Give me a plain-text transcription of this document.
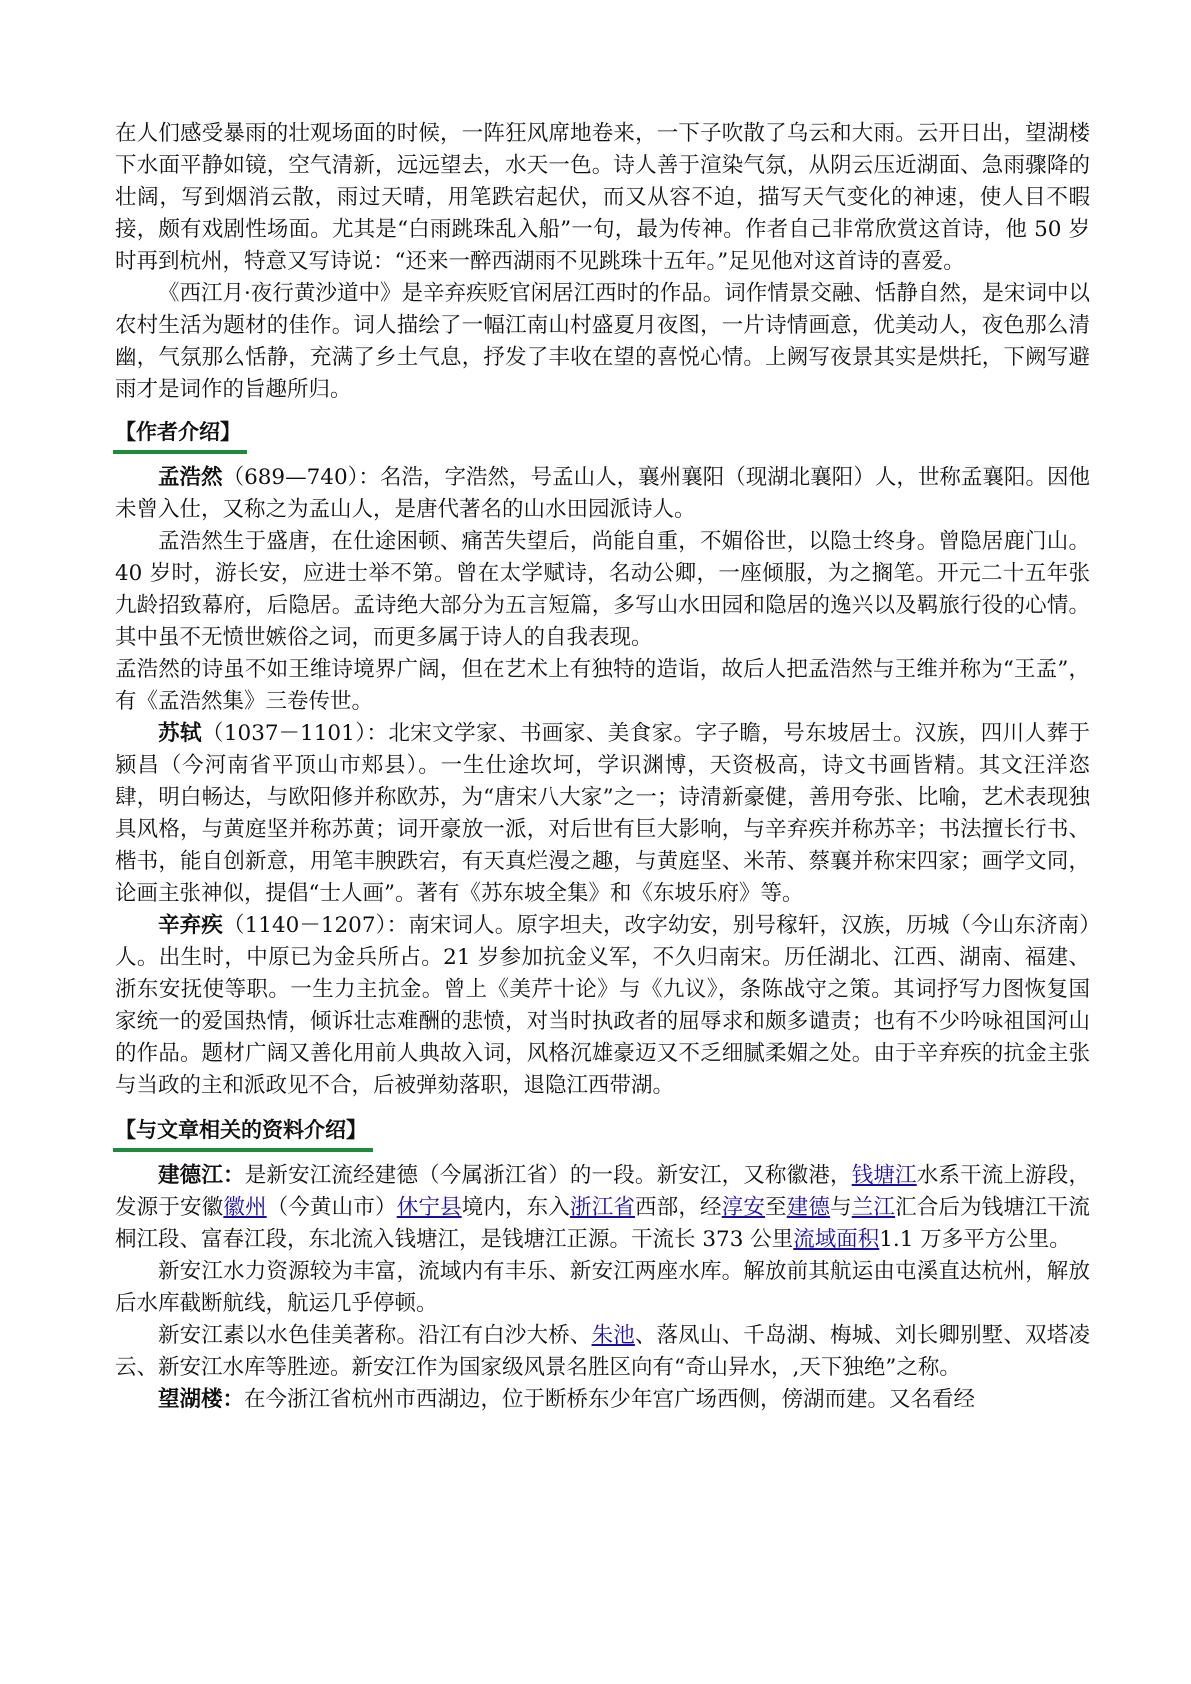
在人们感受暴雨的壮观场面的时候，一阵狂风席地卷来，一下子吹散了乌云和大雨。云开日出，望湖楼下水面平静如镜，空气清新，远远望去，水天一色。诗人善于渲染气氛，从阴云压近湖面、急雨骤降的壮阔，写到烟消云散，雨过天晴，用笔跌宕起伏，而又从容不迫，描写天气变化的神速，使人目不暇接，颇有戏剧性场面。尤其是“白雨跳珠乱入船”一句，最为传神。作者自己非常欣赏这首诗，他 50 岁时再到杭州，特意又写诗说：“还来一醉西湖雨不见跳珠十五年。”足见他对这首诗的喜爱。

《西江月·夜行黄沙道中》是辛弃疾贬官闲居江西时的作品。词作情景交融、恬静自然，是宋词中以农村生活为题材的佳作。词人描绘了一幅江南山村盛夏月夜图，一片诗情画意，优美动人，夜色那么清幽，气氛那么恬静，充满了乡土气息，抒发了丰收在望的喜悦心情。上阙写夜景其实是烘托，下阙写避雨才是词作的旨趣所归。

【作者介绍】

孟浩然（689—740）：名浩，字浩然，号孟山人，襄州襄阳（现湖北襄阳）人，世称孟襄阳。因他未曾入仕，又称之为孟山人，是唐代著名的山水田园派诗人。

孟浩然生于盛唐，在仕途困顿、痛苦失望后，尚能自重，不媚俗世，以隐士终身。曾隐居鹿门山。40 岁时，游长安，应进士举不第。曾在太学赋诗，名动公卿，一座倾服，为之搁笔。开元二十五年张九龄招致幕府，后隐居。孟诗绝大部分为五言短篇，多写山水田园和隐居的逸兴以及羁旅行役的心情。其中虽不无愤世嫉俗之词，而更多属于诗人的自我表现。

孟浩然的诗虽不如王维诗境界广阔，但在艺术上有独特的造诣，故后人把孟浩然与王维并称为“王孟”，有《孟浩然集》三卷传世。

苏轼（1037－1101）：北宋文学家、书画家、美食家。字子瞻，号东坡居士。汉族，四川人葬于颍昌（今河南省平顶山市郏县）。一生仕途坎坷，学识渊博，天资极高，诗文书画皆精。其文汪洋恣肆，明白畅达，与欧阳修并称欧苏，为“唐宋八大家”之一；诗清新豪健，善用夸张、比喻，艺术表现独具风格，与黄庭坚并称苏黄；词开豪放一派，对后世有巨大影响，与辛弃疾并称苏辛；书法擅长行书、楷书，能自创新意，用笔丰腴跌宕，有天真烂漫之趣，与黄庭坚、米芾、蔡襄并称宋四家；画学文同，论画主张神似，提倡“士人画”。著有《苏东坡全集》和《东坡乐府》等。

辛弃疾（1140－1207）：南宋词人。原字坦夫，改字幼安，别号稼轩，汉族，历城（今山东济南）人。出生时，中原已为金兵所占。21 岁参加抗金义军，不久归南宋。历任湖北、江西、湖南、福建、浙东安抚使等职。一生力主抗金。曾上《美芹十论》与《九议》，条陈战守之策。其词抒写力图恢复国家统一的爱国热情，倾诉壮志难酬的悲愤，对当时执政者的屈辱求和颇多谴责；也有不少吟咏祖国河山的作品。题材广阔又善化用前人典故入词，风格沉雄豪迈又不乏细腻柔媚之处。由于辛弃疾的抗金主张与当政的主和派政见不合，后被弹劾落职，退隐江西带湖。

【与文章相关的资料介绍】

建德江：是新安江流经建德（今属浙江省）的一段。新安江，又称徽港，钱塘江水系干流上游段，发源于安徽徽州（今黄山市）休宁县境内，东入浙江省西部，经淳安至建德与兰江汇合后为钱塘江干流桐江段、富春江段，东北流入钱塘江，是钱塘江正源。干流长 373 公里流域面积1.1 万多平方公里。

新安江水力资源较为丰富，流域内有丰乐、新安江两座水库。解放前其航运由屯溪直达杭州，解放后水库截断航线，航运几乎停顿。

新安江素以水色佳美著称。沿江有白沙大桥、朱池、落凤山、千岛湖、梅城、刘长卿别墅、双塔凌云、新安江水库等胜迹。新安江作为国家级风景名胜区向有“奇山异水，,天下独绝”之称。

望湖楼：在今浙江省杭州市西湖边，位于断桥东少年宫广场西侧，傍湖而建。又名看经
